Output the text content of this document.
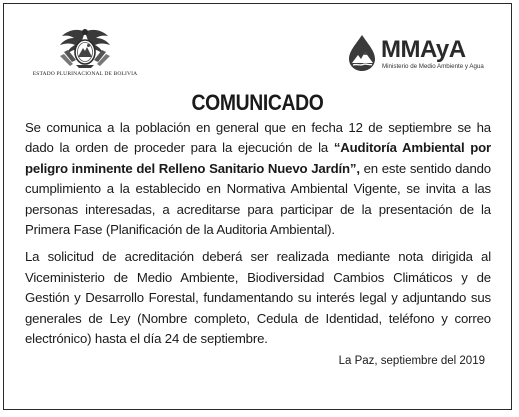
ESTADO PLURINACIONAL DE BOLIVIA
MMAyA
Ministerio de Medio Ambiente y Agua
COMUNICADO

Se comunica a la población en general que en fecha 12 de septiembre se ha dado la orden de proceder para la ejecución de la “Auditoría Ambiental por peligro inminente del Relleno Sanitario Nuevo Jardín”, en este sentido dando cumplimiento a la establecido en Normativa Ambiental Vigente, se invita a las personas interesadas, a acreditarse para participar de la presentación de la Primera Fase (Planificación de la Auditoria Ambiental).

La solicitud de acreditación deberá ser realizada mediante nota dirigida al Viceministerio de Medio Ambiente, Biodiversidad Cambios Climáticos y de Gestión y Desarrollo Forestal, fundamentando su interés legal y adjuntando sus generales de Ley (Nombre completo, Cedula de Identidad, teléfono y correo electrónico) hasta el día 24 de septiembre.

La Paz, septiembre del 2019
